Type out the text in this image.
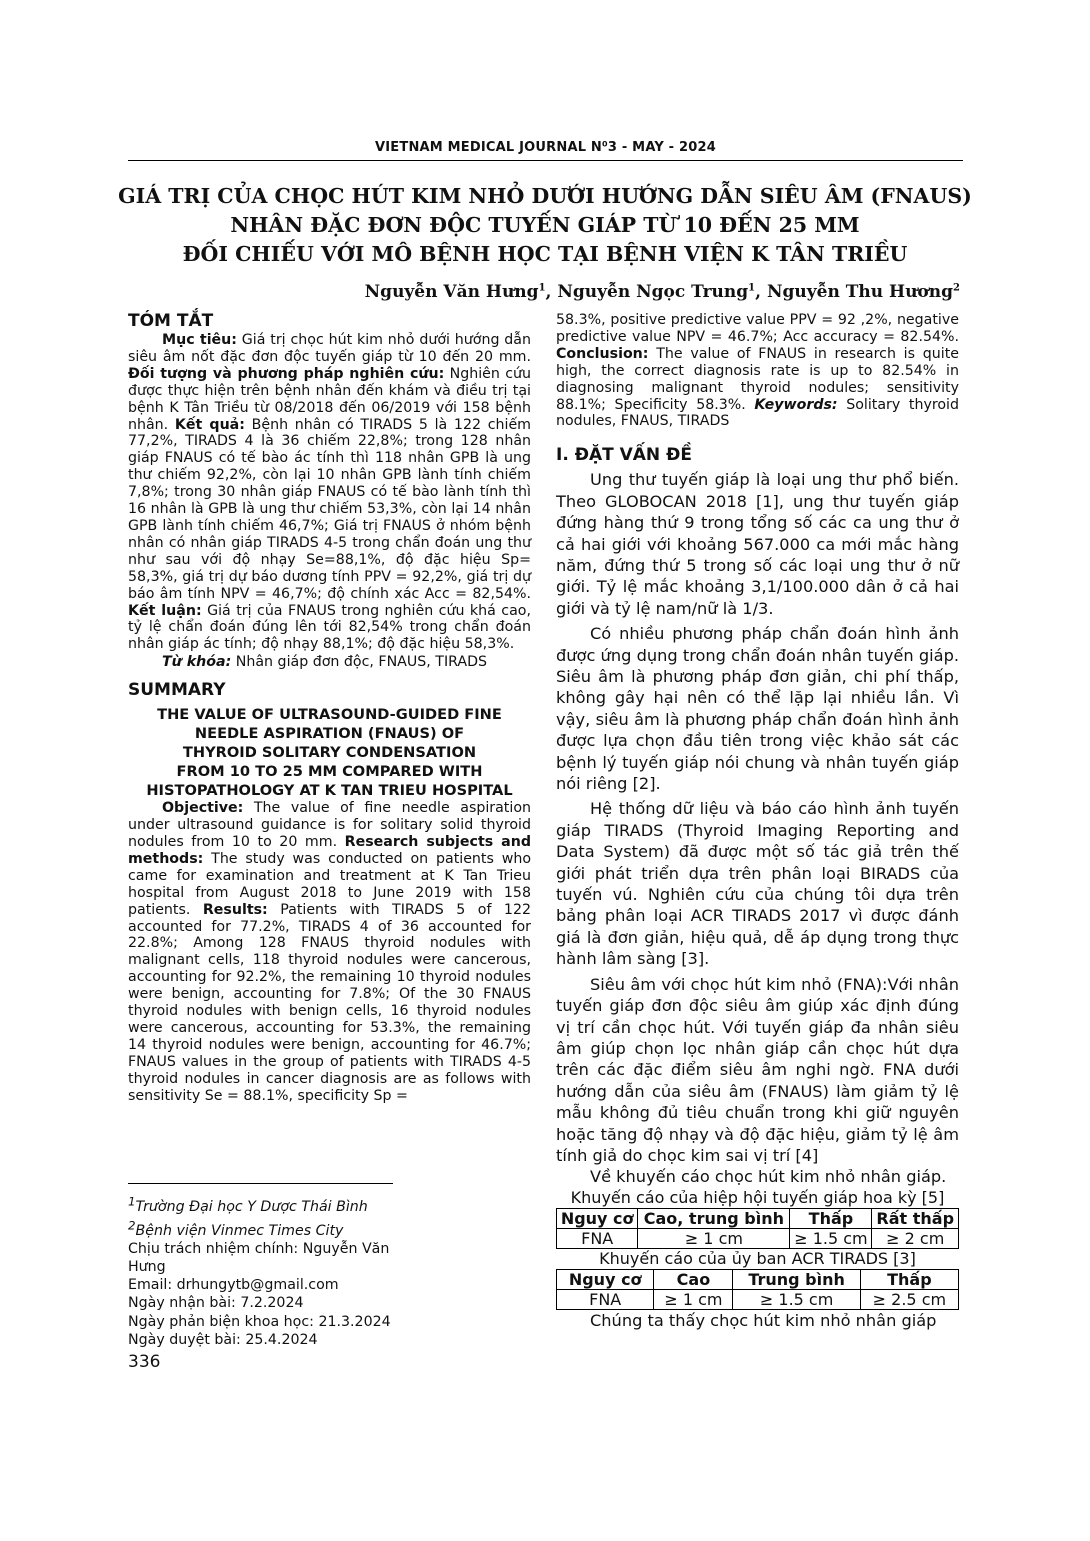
VIETNAM MEDICAL JOURNAL N⁰3 - MAY - 2024
GIÁ TRỊ CỦA CHỌC HÚT KIM NHỎ DƯỚI HƯỚNG DẪN SIÊU ÂM (FNAUS)
NHÂN ĐẶC ĐƠN ĐỘC TUYẾN GIÁP TỪ 10 ĐẾN 25 MM
ĐỐI CHIẾU VỚI MÔ BỆNH HỌC TẠI BỆNH VIỆN K TÂN TRIỀU
Nguyễn Văn Hưng$^1$, Nguyễn Ngọc Trung$^1$, Nguyễn Thu Hương$^2$
TÓM TẮT

Mục tiêu: Giá trị chọc hút kim nhỏ dưới hướng dẫn siêu âm nốt đặc đơn độc tuyến giáp từ 10 đến 20 mm. Đối tượng và phương pháp nghiên cứu: Nghiên cứu được thực hiện trên bệnh nhân đến khám và điều trị tại bệnh K Tân Triều từ 08/2018 đến 06/2019 với 158 bệnh nhân. Kết quả: Bệnh nhân có TIRADS 5 là 122 chiếm 77,2%, TIRADS 4 là 36 chiếm 22,8%; trong 128 nhân giáp FNAUS có tế bào ác tính thì 118 nhân GPB là ung thư chiếm 92,2%, còn lại 10 nhân GPB lành tính chiếm 7,8%; trong 30 nhân giáp FNAUS có tế bào lành tính thì 16 nhân là GPB là ung thư chiếm 53,3%, còn lại 14 nhân GPB lành tính chiếm 46,7%; Giá trị FNAUS ở nhóm bệnh nhân có nhân giáp TIRADS 4-5 trong chẩn đoán ung thư như sau với độ nhạy Se=88,1%, độ đặc hiệu Sp= 58,3%, giá trị dự báo dương tính PPV = 92,2%, giá trị dự báo âm tính NPV = 46,7%; độ chính xác Acc = 82,54%. Kết luận: Giá trị của FNAUS trong nghiên cứu khá cao, tỷ lệ chẩn đoán đúng lên tới 82,54% trong chẩn đoán nhân giáp ác tính; độ nhạy 88,1%; độ đặc hiệu 58,3%.

Từ khóa: Nhân giáp đơn độc, FNAUS, TIRADS

SUMMARY
THE VALUE OF ULTRASOUND-GUIDED FINE
NEEDLE ASPIRATION (FNAUS) OF
THYROID SOLITARY CONDENSATION
FROM 10 TO 25 MM COMPARED WITH
HISTOPATHOLOGY AT K TAN TRIEU HOSPITAL

Objective: The value of fine needle aspiration under ultrasound guidance is for solitary solid thyroid nodules from 10 to 20 mm. Research subjects and methods: The study was conducted on patients who came for examination and treatment at K Tan Trieu hospital from August 2018 to June 2019 with 158 patients. Results: Patients with TIRADS 5 of 122 accounted for 77.2%, TIRADS 4 of 36 accounted for 22.8%; Among 128 FNAUS thyroid nodules with malignant cells, 118 thyroid nodules were cancerous, accounting for 92.2%, the remaining 10 thyroid nodules were benign, accounting for 7.8%; Of the 30 FNAUS thyroid nodules with benign cells, 16 thyroid nodules were cancerous, accounting for 53.3%, the remaining 14 thyroid nodules were benign, accounting for 46.7%; FNAUS values in the group of patients with TIRADS 4-5 thyroid nodules in cancer diagnosis are as follows with sensitivity Se = 88.1%, specificity Sp =

$^1$Trường Đại học Y Dược Thái Bình

$^2$Bệnh viện Vinmec Times City

Chịu trách nhiệm chính: Nguyễn Văn Hưng

Email: drhungytb@gmail.com

Ngày nhận bài: 7.2.2024

Ngày phản biện khoa học: 21.3.2024

Ngày duyệt bài: 25.4.2024

336

58.3%, positive predictive value PPV = 92 ,2%, negative predictive value NPV = 46.7%; Acc accuracy = 82.54%. Conclusion: The value of FNAUS in research is quite high, the correct diagnosis rate is up to 82.54% in diagnosing malignant thyroid nodules; sensitivity 88.1%; Specificity 58.3%. Keywords: Solitary thyroid nodules, FNAUS, TIRADS

I. ĐẶT VẤN ĐỀ

Ung thư tuyến giáp là loại ung thư phổ biến. Theo GLOBOCAN 2018 [1], ung thư tuyến giáp đứng hàng thứ 9 trong tổng số các ca ung thư ở cả hai giới với khoảng 567.000 ca mới mắc hàng năm, đứng thứ 5 trong số các loại ung thư ở nữ giới. Tỷ lệ mắc khoảng 3,1/100.000 dân ở cả hai giới và tỷ lệ nam/nữ là 1/3.

Có nhiều phương pháp chẩn đoán hình ảnh được ứng dụng trong chẩn đoán nhân tuyến giáp. Siêu âm là phương pháp đơn giản, chi phí thấp, không gây hại nên có thể lặp lại nhiều lần. Vì vậy, siêu âm là phương pháp chẩn đoán hình ảnh được lựa chọn đầu tiên trong việc khảo sát các bệnh lý tuyến giáp nói chung và nhân tuyến giáp nói riêng [2].

Hệ thống dữ liệu và báo cáo hình ảnh tuyến giáp TIRADS (Thyroid Imaging Reporting and Data System) đã được một số tác giả trên thế giới phát triển dựa trên phân loại BIRADS của tuyến vú. Nghiên cứu của chúng tôi dựa trên bảng phân loại ACR TIRADS 2017 vì được đánh giá là đơn giản, hiệu quả, dễ áp dụng trong thực hành lâm sàng [3].

Siêu âm với chọc hút kim nhỏ (FNA):Với nhân tuyến giáp đơn độc siêu âm giúp xác định đúng vị trí cần chọc hút. Với tuyến giáp đa nhân siêu âm giúp chọn lọc nhân giáp cần chọc hút dựa trên các đặc điểm siêu âm nghi ngờ. FNA dưới hướng dẫn của siêu âm (FNAUS) làm giảm tỷ lệ mẫu không đủ tiêu chuẩn trong khi giữ nguyên hoặc tăng độ nhạy và độ đặc hiệu, giảm tỷ lệ âm tính giả do chọc kim sai vị trí [4]

Về khuyến cáo chọc hút kim nhỏ nhân giáp.

Khuyến cáo của hiệp hội tuyến giáp hoa kỳ [5]
Nguy cơ	Cao, trung bình	Thấp	Rất thấp
FNA	≥ 1 cm	≥ 1.5 cm	≥ 2 cm
Khuyến cáo của ủy ban ACR TIRADS [3]
Nguy cơ	Cao	Trung bình	Thấp
FNA	≥ 1 cm	≥ 1.5 cm	≥ 2.5 cm

Chúng ta thấy chọc hút kim nhỏ nhân giáp
